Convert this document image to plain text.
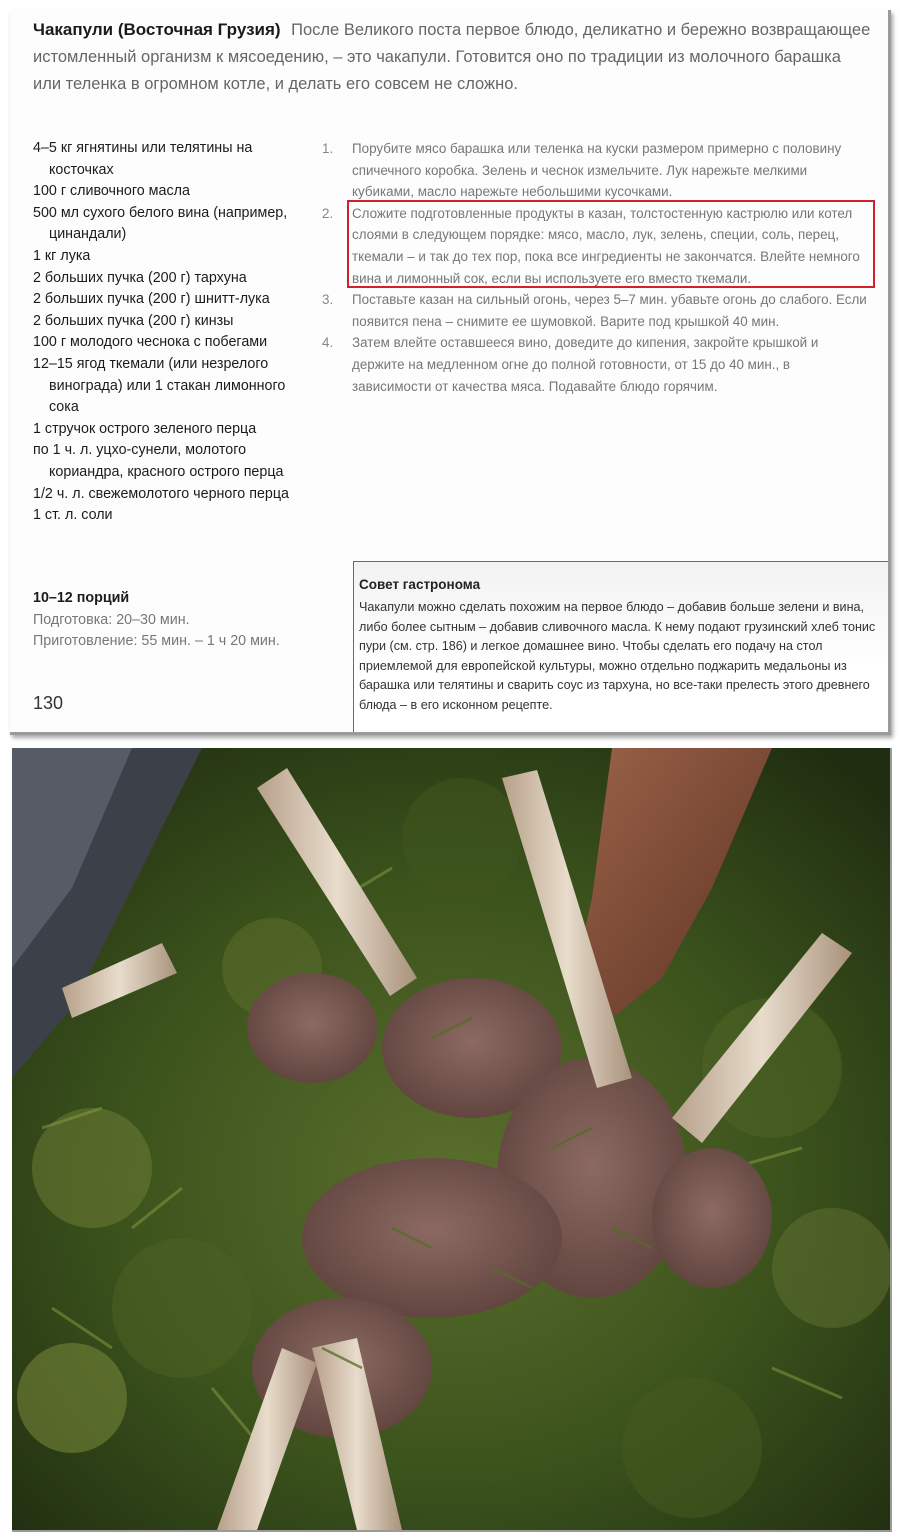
Чакапули (Восточная Грузия) После Великого поста первое блюдо, деликатно и бережно возвращающее истомленный организм к мясоедению, – это чакапули. Готовится оно по традиции из молочного барашка или теленка в огромном котле, и делать его совсем не сложно.
4–5 кг ягнятины или телятины на косточках
100 г сливочного масла
500 мл сухого белого вина (например, цинандали)
1 кг лука
2 больших пучка (200 г) тархуна
2 больших пучка (200 г) шнитт-лука
2 больших пучка (200 г) кинзы
100 г молодого чеснока с побегами
12–15 ягод ткемали (или незрелого винограда) или 1 стакан лимонного сока
1 стручок острого зеленого перца
по 1 ч. л. уцхо-сунели, молотого кориандра, красного острого перца
1/2 ч. л. свежемолотого черного перца
1 ст. л. соли
10–12 порций
Подготовка: 20–30 мин.
Приготовление: 55 мин. – 1 ч 20 мин.
130
1.	Порубите мясо барашка или теленка на куски размером примерно с половину спичечного коробка. Зелень и чеснок измельчите. Лук нарежьте мелкими кубиками, масло нарежьте небольшими кусочками.
2.	Сложите подготовленные продукты в казан, толстостенную кастрюлю или котел слоями в следующем порядке: мясо, масло, лук, зелень, специи, соль, перец, ткемали – и так до тех пор, пока все ингредиенты не закончатся. Влейте немного вина и лимонный сок, если вы используете его вместо ткемали.
3.	Поставьте казан на сильный огонь, через 5–7 мин. убавьте огонь до слабого. Если появится пена – снимите ее шумовкой. Варите под крышкой 40 мин.
4.	Затем влейте оставшееся вино, доведите до кипения, закройте крышкой и держите на медленном огне до полной готовности, от 15 до 40 мин., в зависимости от качества мяса. Подавайте блюдо горячим.
Совет гастронома
Чакапули можно сделать похожим на первое блюдо – добавив больше зелени и вина, либо более сытным – добавив сливочного масла. К нему подают грузинский хлеб тонис пури (см. стр. 186) и легкое домашнее вино. Чтобы сделать его подачу на стол приемлемой для европейской культуры, можно отдельно поджарить медальоны из барашка или телятины и сварить соус из тархуна, но все-таки прелесть этого древнего блюда – в его исконном рецепте.
